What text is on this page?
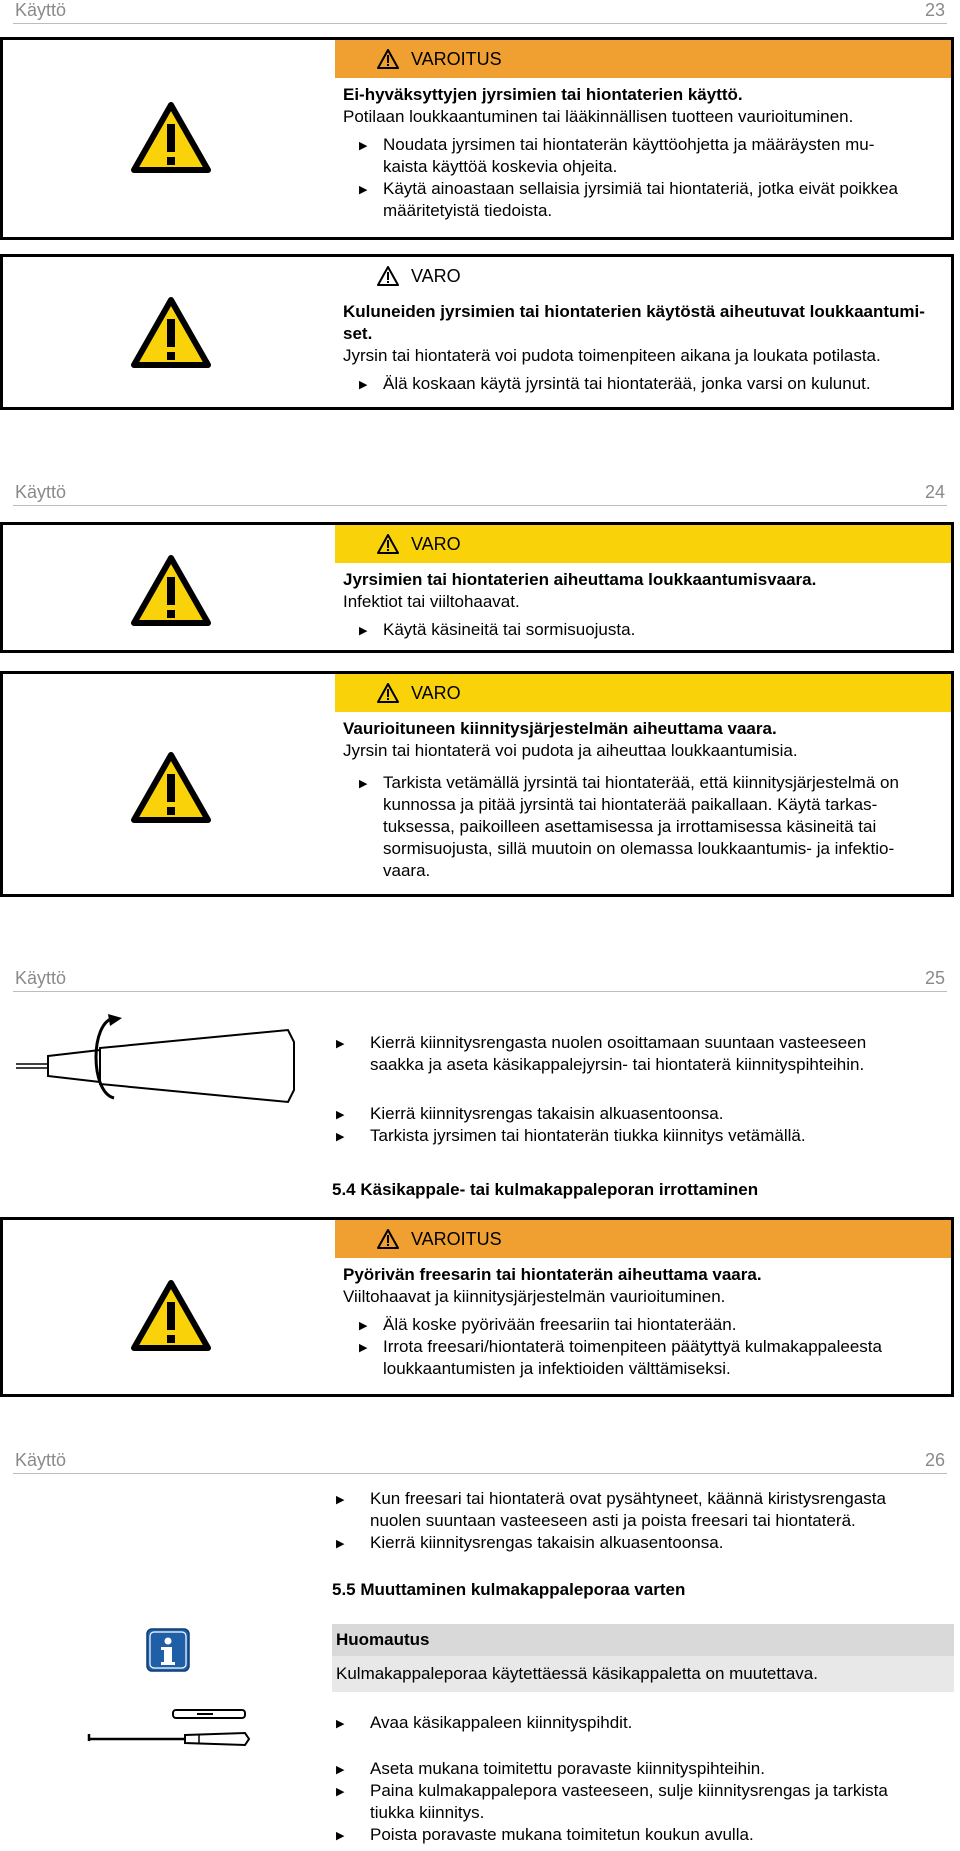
Käyttö	23
VAROITUS
Ei-hyväksyttyjen jyrsimien tai hiontaterien käyttö.
Potilaan loukkaantuminen tai lääkinnällisen tuotteen vaurioituminen.
▶ Noudata jyrsimen tai hiontaterän käyttöohjetta ja määräysten mu-
kaista käyttöä koskevia ohjeita.
▶ Käytä ainoastaan sellaisia jyrsimiä tai hiontateriä, jotka eivät poikkea
määritetyistä tiedoista.
VARO
Kuluneiden jyrsimien tai hiontaterien käytöstä aiheutuvat loukkaantumi-
set.
Jyrsin tai hiontaterä voi pudota toimenpiteen aikana ja loukata potilasta.
▶ Älä koskaan käytä jyrsintä tai hiontaterää, jonka varsi on kulunut.
Käyttö	24
VARO
Jyrsimien tai hiontaterien aiheuttama loukkaantumisvaara.
Infektiot tai viiltohaavat.
▶ Käytä käsineitä tai sormisuojusta.
VARO
Vaurioituneen kiinnitysjärjestelmän aiheuttama vaara.
Jyrsin tai hiontaterä voi pudota ja aiheuttaa loukkaantumisia.
▶ Tarkista vetämällä jyrsintä tai hiontaterää, että kiinnitysjärjestelmä on
kunnossa ja pitää jyrsintä tai hiontaterää paikallaan. Käytä tarkas-
tuksessa, paikoilleen asettamisessa ja irrottamisessa käsineitä tai
sormisuojusta, sillä muutoin on olemassa loukkaantumis- ja infektio-
vaara.
Käyttö	25
▶ Kierrä kiinnitysrengasta nuolen osoittamaan suuntaan vasteeseen
saakka ja aseta käsikappalejyrsin- tai hiontaterä kiinnityspihteihin.
▶ Kierrä kiinnitysrengas takaisin alkuasentoonsa.
▶ Tarkista jyrsimen tai hiontaterän tiukka kiinnitys vetämällä.
5.4 Käsikappale- tai kulmakappaleporan irrottaminen
VAROITUS
Pyörivän freesarin tai hiontaterän aiheuttama vaara.
Viiltohaavat ja kiinnitysjärjestelmän vaurioituminen.
▶ Älä koske pyörivään freesariin tai hiontaterään.
▶ Irrota freesari/hiontaterä toimenpiteen päätyttyä kulmakappaleesta
loukkaantumisten ja infektioiden välttämiseksi.
Käyttö	26
▶ Kun freesari tai hiontaterä ovat pysähtyneet, käännä kiristysrengasta
nuolen suuntaan vasteeseen asti ja poista freesari tai hiontaterä.
▶ Kierrä kiinnitysrengas takaisin alkuasentoonsa.
5.5 Muuttaminen kulmakappaleporaa varten
Huomautus
Kulmakappaleporaa käytettäessä käsikappaletta on muutettava.
▶ Avaa käsikappaleen kiinnityspihdit.
▶ Aseta mukana toimitettu poravaste kiinnityspihteihin.
▶ Paina kulmakappalepora vasteeseen, sulje kiinnitysrengas ja tarkista
tiukka kiinnitys.
▶ Poista poravaste mukana toimitetun koukun avulla.
